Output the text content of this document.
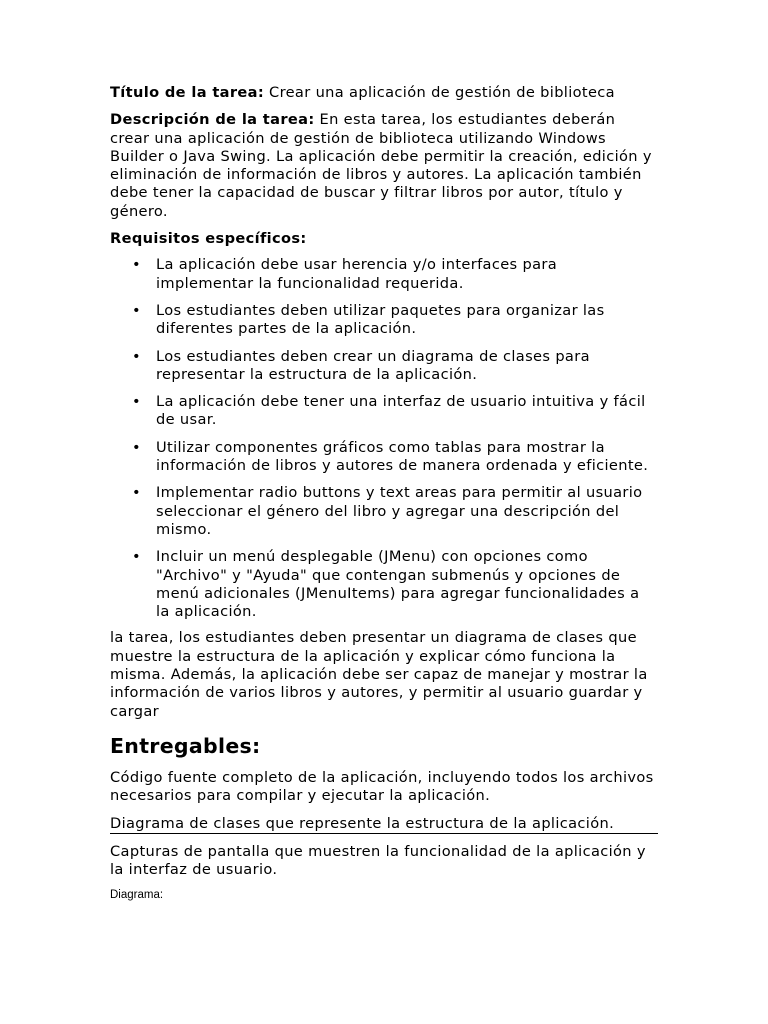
Título de la tarea: Crear una aplicación de gestión de biblioteca

Descripción de la tarea: En esta tarea, los estudiantes deberán crear una aplicación de gestión de biblioteca utilizando Windows Builder o Java Swing. La aplicación debe permitir la creación, edición y eliminación de información de libros y autores. La aplicación también debe tener la capacidad de buscar y filtrar libros por autor, título y género.

Requisitos específicos:

• La aplicación debe usar herencia y/o interfaces para implementar la funcionalidad requerida.
• Los estudiantes deben utilizar paquetes para organizar las diferentes partes de la aplicación.
• Los estudiantes deben crear un diagrama de clases para representar la estructura de la aplicación.
• La aplicación debe tener una interfaz de usuario intuitiva y fácil de usar.
• Utilizar componentes gráficos como tablas para mostrar la información de libros y autores de manera ordenada y eficiente.
• Implementar radio buttons y text areas para permitir al usuario seleccionar el género del libro y agregar una descripción del mismo.
• Incluir un menú desplegable (JMenu) con opciones como "Archivo" y "Ayuda" que contengan submenús y opciones de menú adicionales (JMenuItems) para agregar funcionalidades a la aplicación.

la tarea, los estudiantes deben presentar un diagrama de clases que muestre la estructura de la aplicación y explicar cómo funciona la misma. Además, la aplicación debe ser capaz de manejar y mostrar la información de varios libros y autores, y permitir al usuario guardar y cargar

Entregables:

Código fuente completo de la aplicación, incluyendo todos los archivos necesarios para compilar y ejecutar la aplicación.

Diagrama de clases que represente la estructura de la aplicación.

Capturas de pantalla que muestren la funcionalidad de la aplicación y la interfaz de usuario.

Diagrama:
